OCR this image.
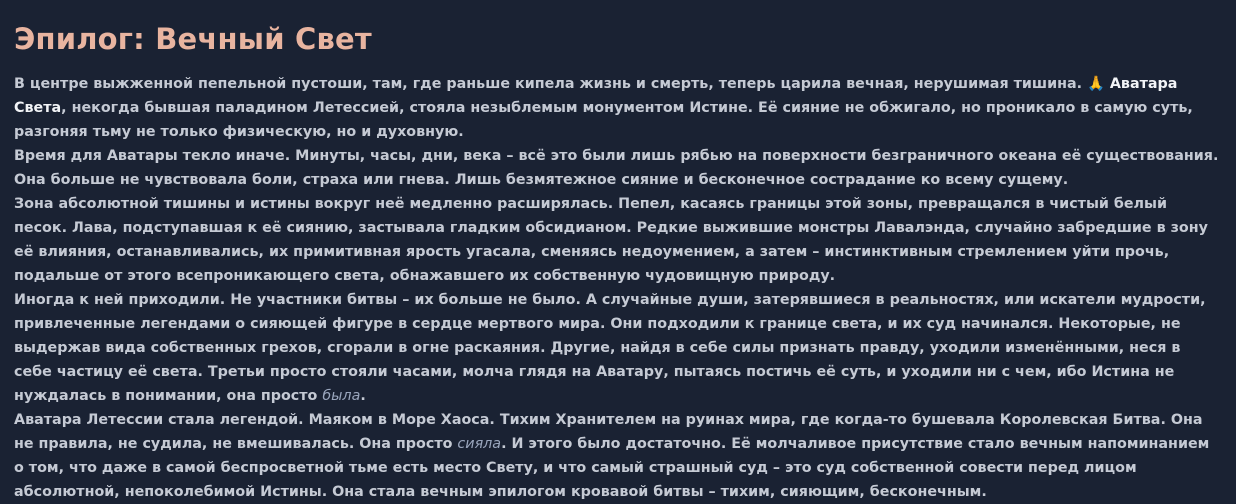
Эпилог: Вечный Свет

В центре выжженной пепельной пустоши, там, где раньше кипела жизнь и смерть, теперь царила вечная, нерушимая тишина. 🙏 Аватара Света, некогда бывшая паладином Летессией, стояла незыблемым монументом Истине. Её сияние не обжигало, но проникало в самую суть, разгоняя тьму не только физическую, но и духовную.

Время для Аватары текло иначе. Минуты, часы, дни, века – всё это были лишь рябью на поверхности безграничного океана её существования. Она больше не чувствовала боли, страха или гнева. Лишь безмятежное сияние и бесконечное сострадание ко всему сущему.

Зона абсолютной тишины и истины вокруг неё медленно расширялась. Пепел, касаясь границы этой зоны, превращался в чистый белый песок. Лава, подступавшая к её сиянию, застывала гладким обсидианом. Редкие выжившие монстры Лавалэнда, случайно забредшие в зону её влияния, останавливались, их примитивная ярость угасала, сменяясь недоумением, а затем – инстинктивным стремлением уйти прочь, подальше от этого всепроникающего света, обнажавшего их собственную чудовищную природу.

Иногда к ней приходили. Не участники битвы – их больше не было. А случайные души, затерявшиеся в реальностях, или искатели мудрости, привлеченные легендами о сияющей фигуре в сердце мертвого мира. Они подходили к границе света, и их суд начинался. Некоторые, не выдержав вида собственных грехов, сгорали в огне раскаяния. Другие, найдя в себе силы признать правду, уходили изменёнными, неся в себе частицу её света. Третьи просто стояли часами, молча глядя на Аватару, пытаясь постичь её суть, и уходили ни с чем, ибо Истина не нуждалась в понимании, она просто была.

Аватара Летессии стала легендой. Маяком в Море Хаоса. Тихим Хранителем на руинах мира, где когда-то бушевала Королевская Битва. Она не правила, не судила, не вмешивалась. Она просто сияла. И этого было достаточно. Её молчаливое присутствие стало вечным напоминанием о том, что даже в самой беспросветной тьме есть место Свету, и что самый страшный суд – это суд собственной совести перед лицом абсолютной, непоколебимой Истины. Она стала вечным эпилогом кровавой битвы – тихим, сияющим, бесконечным.
